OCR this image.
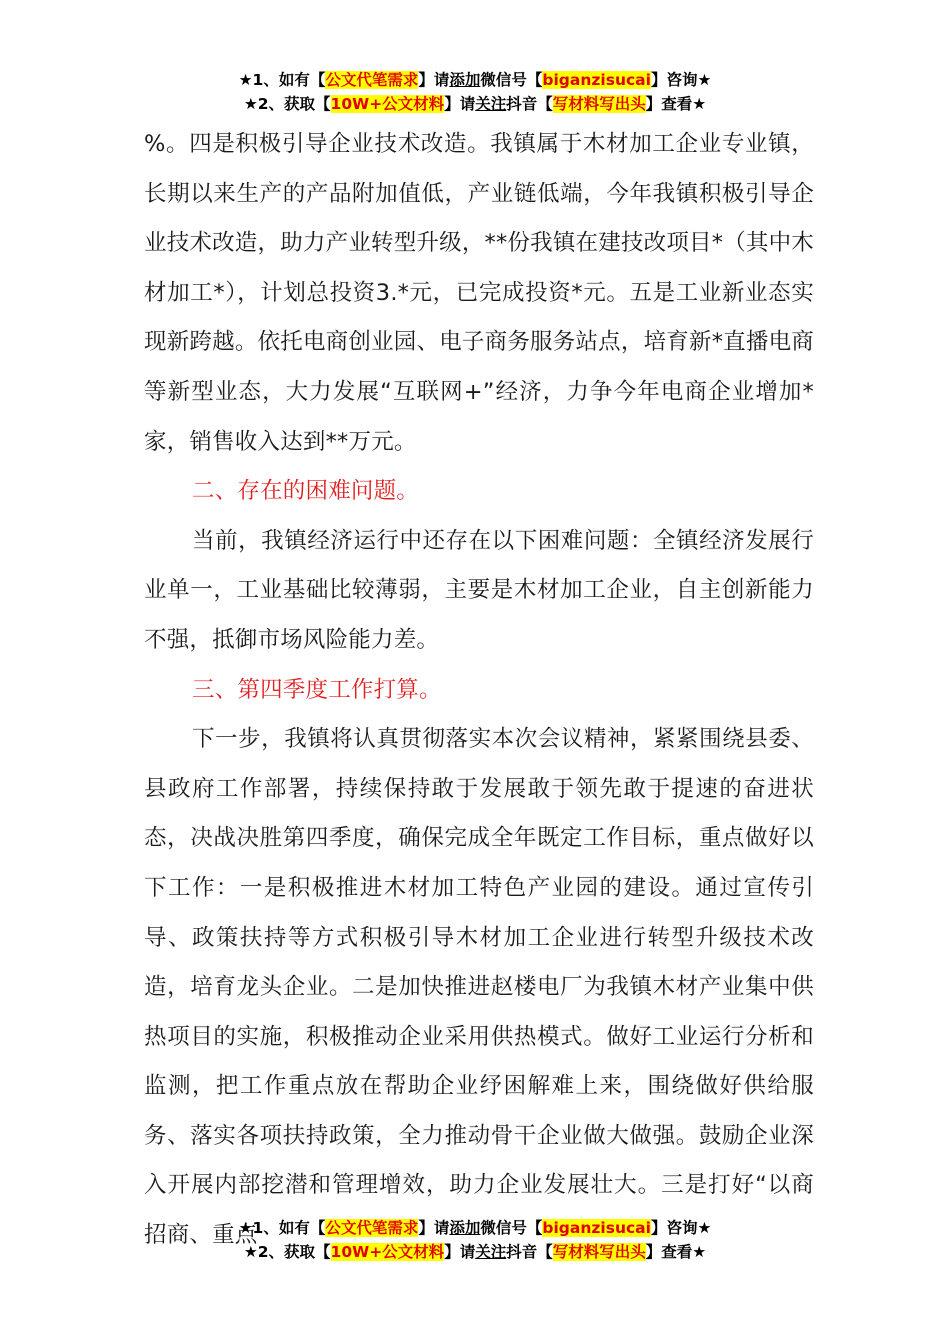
★1、如有【公文代笔需求】请添加微信号【biganzisucai】咨询★
★2、获取【10W+公文材料】请关注抖音【写材料写出头】查看★

%。四是积极引导企业技术改造。我镇属于木材加工企业专业镇，长期以来生产的产品附加值低，产业链低端，今年我镇积极引导企业技术改造，助力产业转型升级，**份我镇在建技改项目*（其中木材加工*），计划总投资3.*元，已完成投资*元。五是工业新业态实现新跨越。依托电商创业园、电子商务服务站点，培育新*直播电商等新型业态，大力发展“互联网+”经济，力争今年电商企业增加*家，销售收入达到**万元。

二、存在的困难问题。

当前，我镇经济运行中还存在以下困难问题：全镇经济发展行业单一，工业基础比较薄弱，主要是木材加工企业，自主创新能力不强，抵御市场风险能力差。

三、第四季度工作打算。

下一步，我镇将认真贯彻落实本次会议精神，紧紧围绕县委、县政府工作部署，持续保持敢于发展敢于领先敢于提速的奋进状态，决战决胜第四季度，确保完成全年既定工作目标，重点做好以下工作：一是积极推进木材加工特色产业园的建设。通过宣传引导、政策扶持等方式积极引导木材加工企业进行转型升级技术改造，培育龙头企业。二是加快推进赵楼电厂为我镇木材产业集中供热项目的实施，积极推动企业采用供热模式。做好工业运行分析和监测，把工作重点放在帮助企业纾困解难上来，围绕做好供给服务、落实各项扶持政策，全力推动骨干企业做大做强。鼓励企业深入开展内部挖潜和管理增效，助力企业发展壮大。三是打好“以商招商、重点

★1、如有【公文代笔需求】请添加微信号【biganzisucai】咨询★
★2、获取【10W+公文材料】请关注抖音【写材料写出头】查看★
